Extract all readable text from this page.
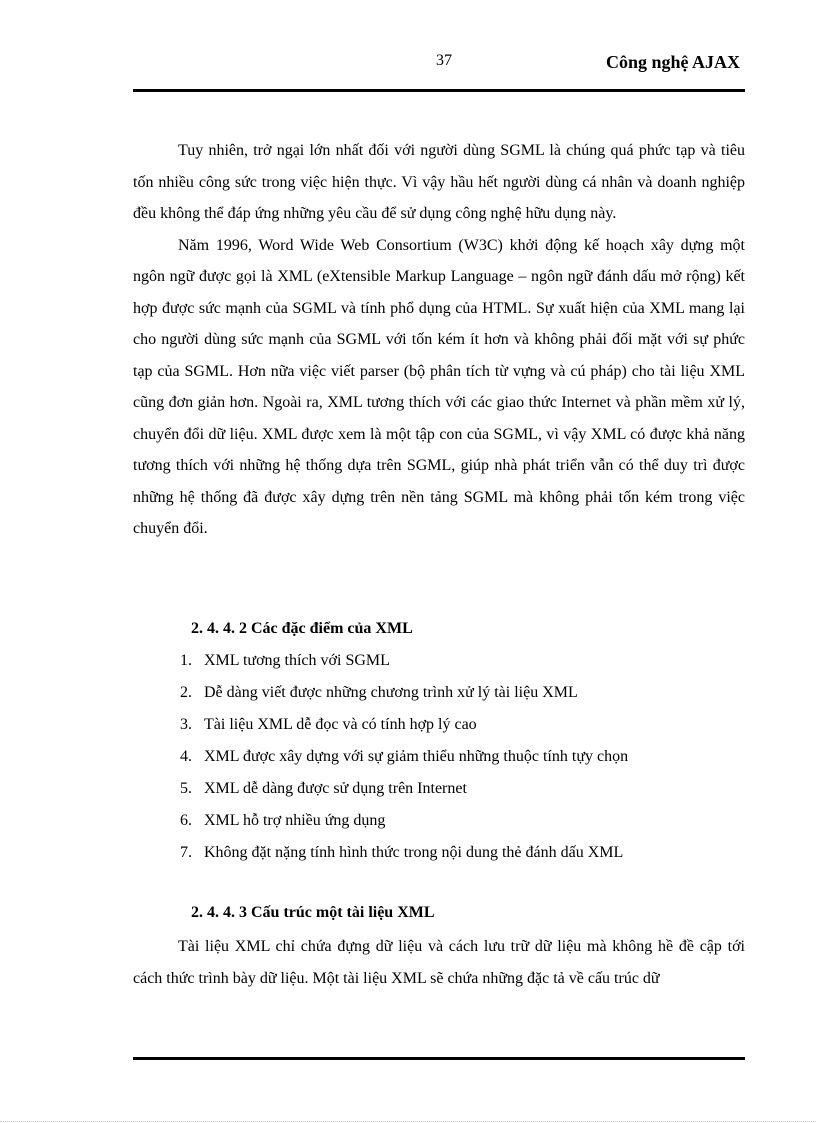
37	Công nghệ AJAX

Tuy nhiên, trở ngại lớn nhất đối với người dùng SGML là chúng quá phức tạp và tiêu tốn nhiều công sức trong việc hiện thực. Vì vậy hầu hết người dùng cá nhân và doanh nghiệp đều không thể đáp ứng những yêu cầu để sử dụng công nghệ hữu dụng này.

Năm 1996, Word Wide Web Consortium (W3C) khởi động kế hoạch xây dựng một ngôn ngữ được gọi là XML (eXtensible Markup Language – ngôn ngữ đánh dấu mở rộng) kết hợp được sức mạnh của SGML và tính phổ dụng của HTML. Sự xuất hiện của XML mang lại cho người dùng sức mạnh của SGML với tốn kém ít hơn và không phải đối mặt với sự phức tạp của SGML. Hơn nữa việc viết parser (bộ phân tích từ vựng và cú pháp) cho tài liệu XML cũng đơn giản hơn. Ngoài ra, XML tương thích với các giao thức Internet và phần mềm xử lý, chuyển đổi dữ liệu. XML được xem là một tập con của SGML, vì vậy XML có được khả năng tương thích với những hệ thống dựa trên SGML, giúp nhà phát triển vẫn có thể duy trì được những hệ thống đã được xây dựng trên nền tảng SGML mà không phải tốn kém trong việc chuyển đổi.

2. 4. 4. 2 Các đặc điểm của XML
1. XML tương thích với SGML
2. Dễ dàng viết được những chương trình xử lý tài liệu XML
3. Tài liệu XML dễ đọc và có tính hợp lý cao
4. XML được xây dựng với sự giảm thiểu những thuộc tính tựy chọn
5. XML dễ dàng được sử dụng trên Internet
6. XML hỗ trợ nhiều ứng dụng
7. Không đặt nặng tính hình thức trong nội dung thẻ đánh dấu XML
2. 4. 4. 3 Cấu trúc một tài liệu XML

Tài liệu XML chỉ chứa đựng dữ liệu và cách lưu trữ dữ liệu mà không hề đề cập tới cách thức trình bày dữ liệu. Một tài liệu XML sẽ chứa những đặc tả về cấu trúc dữ
